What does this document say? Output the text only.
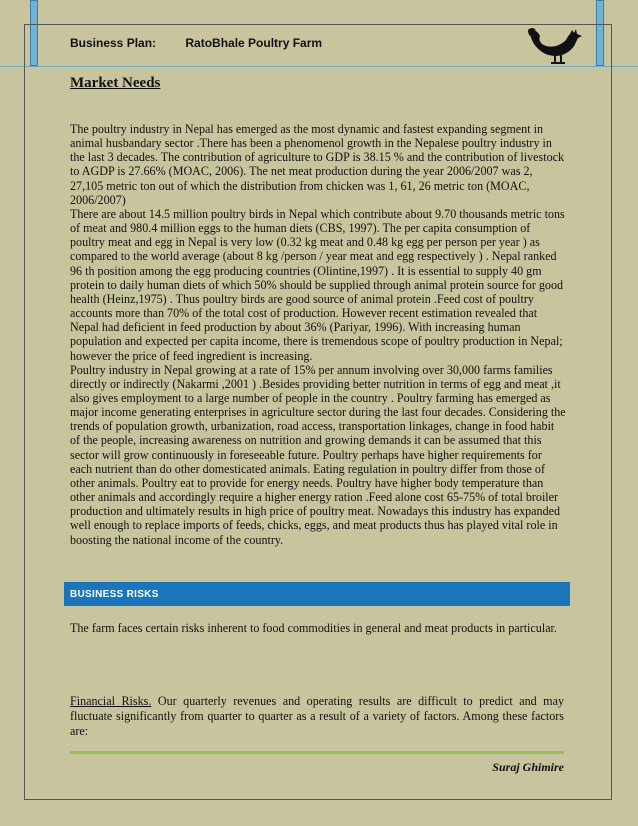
Business Plan: RatoBhale Poultry Farm
Market Needs

The poultry industry in Nepal has emerged as the most dynamic and fastest expanding segment in animal husbandary sector .There has been a phenomenol growth in the Nepalese poultry industry in the last 3 decades. The contribution of agriculture to GDP is 38.15 % and the contribution of livestock to AGDP is 27.66% (MOAC, 2006). The net meat production during the year 2006/2007 was 2, 27,105 metric ton out of which the distribution from chicken was 1, 61, 26 metric ton (MOAC, 2006/2007)

There are about 14.5 million poultry birds in Nepal which contribute about 9.70 thousands metric tons of meat and 980.4 million eggs to the human diets (CBS, 1997). The per capita consumption of poultry meat and egg in Nepal is very low (0.32 kg meat and 0.48 kg egg per person per year ) as compared to the world average (about 8 kg /person / year meat and egg respectively ) . Nepal ranked 96 th position among the egg producing countries (Olintine,1997) . It is essential to supply 40 gm protein to daily human diets of which 50% should be supplied through animal protein source for good health (Heinz,1975) . Thus poultry birds are good source of animal protein .Feed cost of poultry accounts more than 70% of the total cost of production. However recent estimation revealed that Nepal had deficient in feed production by about 36% (Pariyar, 1996). With increasing human population and expected per capita income, there is tremendous scope of poultry production in Nepal; however the price of feed ingredient is increasing.

Poultry industry in Nepal growing at a rate of 15% per annum involving over 30,000 farms families directly or indirectly (Nakarmi ,2001 ) .Besides providing better nutrition in terms of egg and meat ,it also gives employment to a large number of people in the country . Poultry farming has emerged as major income generating enterprises in agriculture sector during the last four decades. Considering the trends of population growth, urbanization, road access, transportation linkages, change in food habit of the people, increasing awareness on nutrition and growing demands it can be assumed that this sector will grow continuously in foreseeable future. Poultry perhaps have higher requirements for each nutrient than do other domesticated animals. Eating regulation in poultry differ from those of other animals. Poultry eat to provide for energy needs. Poultry have higher body temperature than other animals and accordingly require a higher energy ration .Feed alone cost 65-75% of total broiler production and ultimately results in high price of poultry meat. Nowadays this industry has expanded well enough to replace imports of feeds, chicks, eggs, and meat products thus has played vital role in boosting the national income of the country.

BUSINESS RISKS

The farm faces certain risks inherent to food commodities in general and meat products in particular.

Financial Risks. Our quarterly revenues and operating results are difficult to predict and may fluctuate significantly from quarter to quarter as a result of a variety of factors. Among these factors are:

Suraj Ghimire
